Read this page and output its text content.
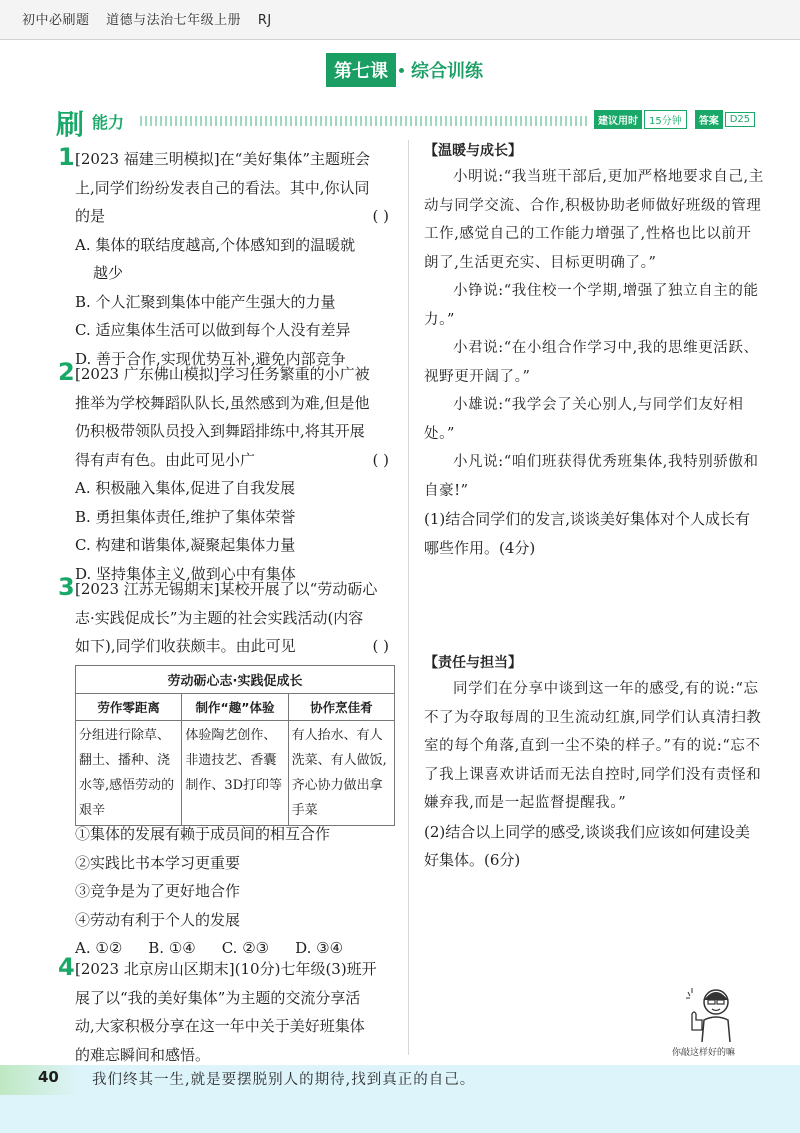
初中必刷题 道德与法治七年级上册 RJ
第七课	综合训练
刷 能力	建议用时	15分钟	答案	D25
1 [2023 福建三明模拟]在“美好集体”主题班会

上,同学们纷纷发表自己的看法。其中,你认同

的是	( )

A. 集体的联结度越高,个体感知到的温暖就

越少

B. 个人汇聚到集体中能产生强大的力量

C. 适应集体生活可以做到每个人没有差异

D. 善于合作,实现优势互补,避免内部竞争

2 [2023 广东佛山模拟]学习任务繁重的小广被

推举为学校舞蹈队队长,虽然感到为难,但是他

仍积极带领队员投入到舞蹈排练中,将其开展

得有声有色。由此可见小广	( )

A. 积极融入集体,促进了自我发展

B. 勇担集体责任,维护了集体荣誉

C. 构建和谐集体,凝聚起集体力量

D. 坚持集体主义,做到心中有集体

3 [2023 江苏无锡期末]某校开展了以“劳动砺心

志·实践促成长”为主题的社会实践活动(内容

如下),同学们收获颇丰。由此可见	( )

劳动砺心志·实践促成长		
劳作零距离	制作“趣”体验	协作烹佳肴
分组进行除草、翻土、播种、浇水等,感悟劳动的艰辛	体验陶艺创作、非遗技艺、香囊制作、3D打印等	有人抬水、有人洗菜、有人做饭,齐心协力做出拿手菜

①集体的发展有赖于成员间的相互合作

②实践比书本学习更重要

③竞争是为了更好地合作

④劳动有利于个人的发展

A. ①② B. ①④ C. ②③ D. ③④

4 [2023 北京房山区期末](10分)七年级(3)班开

展了以“我的美好集体”为主题的交流分享活

动,大家积极分享在这一年中关于美好班集体

的难忘瞬间和感悟。

【温暖与成长】

小明说:“我当班干部后,更加严格地要求自己,主动与同学交流、合作,积极协助老师做好班级的管理工作,感觉自己的工作能力增强了,性格也比以前开朗了,生活更充实、目标更明确了。”

小铮说:“我住校一个学期,增强了独立自主的能力。”

小君说:“在小组合作学习中,我的思维更活跃、视野更开阔了。”

小雄说:“我学会了关心别人,与同学们友好相处。”

小凡说:“咱们班获得优秀班集体,我特别骄傲和自豪!”

(1)结合同学们的发言,谈谈美好集体对个人成长有哪些作用。(4分)

【责任与担当】

同学们在分享中谈到这一年的感受,有的说:“忘不了为夺取每周的卫生流动红旗,同学们认真清扫教室的每个角落,直到一尘不染的样子。”有的说:“忘不了我上课喜欢讲话而无法自控时,同学们没有责怪和嫌弃我,而是一起监督提醒我。”

(2)结合以上同学的感受,谈谈我们应该如何建设美好集体。(6分)

你敲这样好的嘛
40 我们终其一生,就是要摆脱别人的期待,找到真正的自己。
